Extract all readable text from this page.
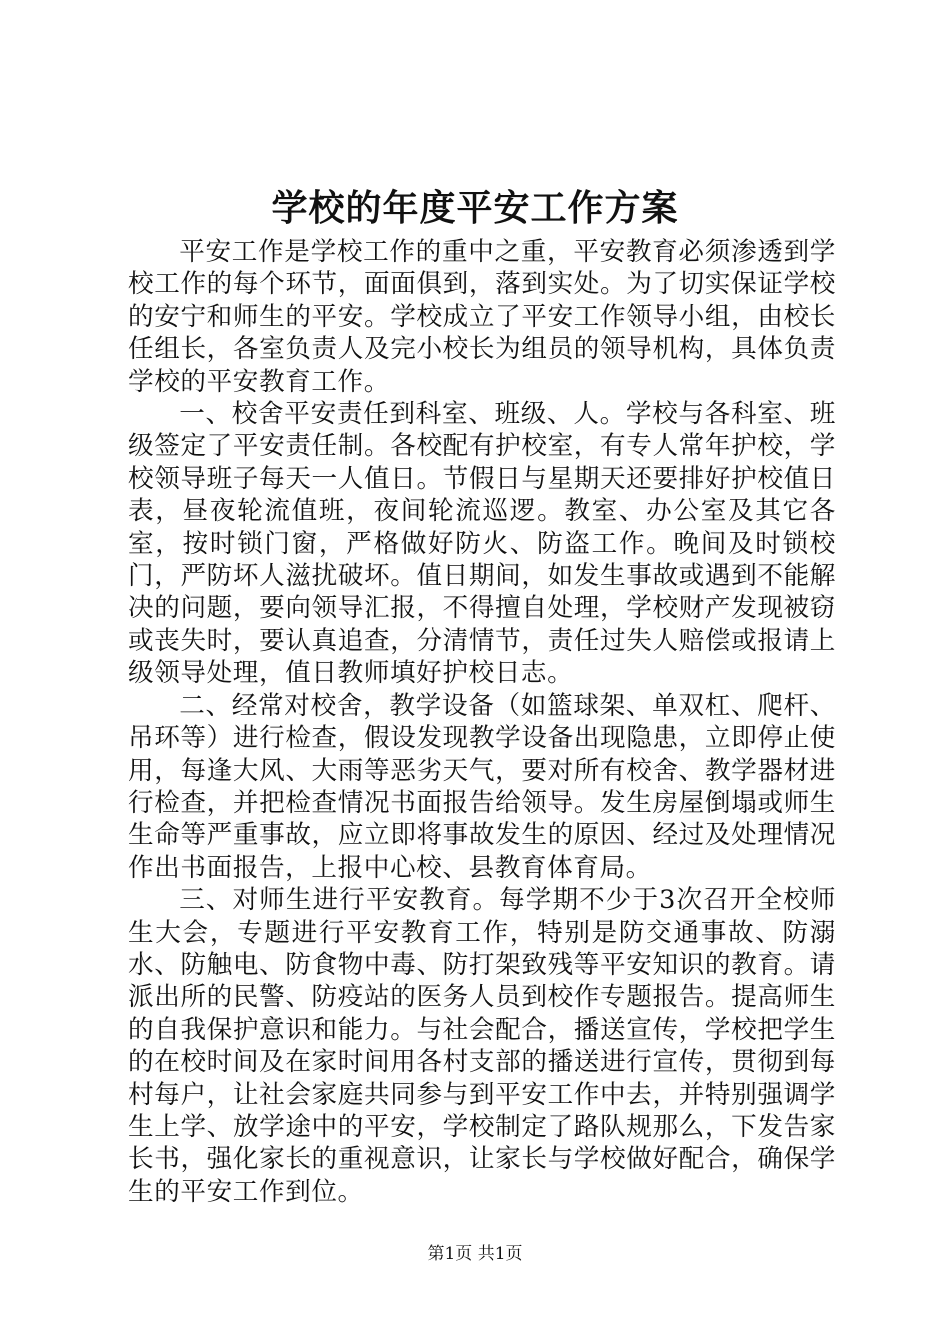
学校的年度平安工作方案

平安工作是学校工作的重中之重，平安教育必须渗透到学校工作的每个环节，面面俱到，落到实处。为了切实保证学校的安宁和师生的平安。学校成立了平安工作领导小组，由校长任组长，各室负责人及完小校长为组员的领导机构，具体负责学校的平安教育工作。

一、校舍平安责任到科室、班级、人。学校与各科室、班级签定了平安责任制。各校配有护校室，有专人常年护校，学校领导班子每天一人值日。节假日与星期天还要排好护校值日表，昼夜轮流值班，夜间轮流巡逻。教室、办公室及其它各室，按时锁门窗，严格做好防火、防盗工作。晚间及时锁校门，严防坏人滋扰破坏。值日期间，如发生事故或遇到不能解决的问题，要向领导汇报，不得擅自处理，学校财产发现被窃或丧失时，要认真追查，分清情节，责任过失人赔偿或报请上级领导处理，值日教师填好护校日志。

二、经常对校舍，教学设备（如篮球架、单双杠、爬杆、吊环等）进行检查，假设发现教学设备出现隐患，立即停止使用，每逢大风、大雨等恶劣天气，要对所有校舍、教学器材进行检查，并把检查情况书面报告给领导。发生房屋倒塌或师生生命等严重事故，应立即将事故发生的原因、经过及处理情况作出书面报告，上报中心校、县教育体育局。

三、对师生进行平安教育。每学期不少于3次召开全校师生大会，专题进行平安教育工作，特别是防交通事故、防溺水、防触电、防食物中毒、防打架致残等平安知识的教育。请派出所的民警、防疫站的医务人员到校作专题报告。提高师生的自我保护意识和能力。与社会配合，播送宣传，学校把学生的在校时间及在家时间用各村支部的播送进行宣传，贯彻到每村每户，让社会家庭共同参与到平安工作中去，并特别强调学生上学、放学途中的平安，学校制定了路队规那么，下发告家长书，强化家长的重视意识，让家长与学校做好配合，确保学生的平安工作到位。

第1页 共1页
